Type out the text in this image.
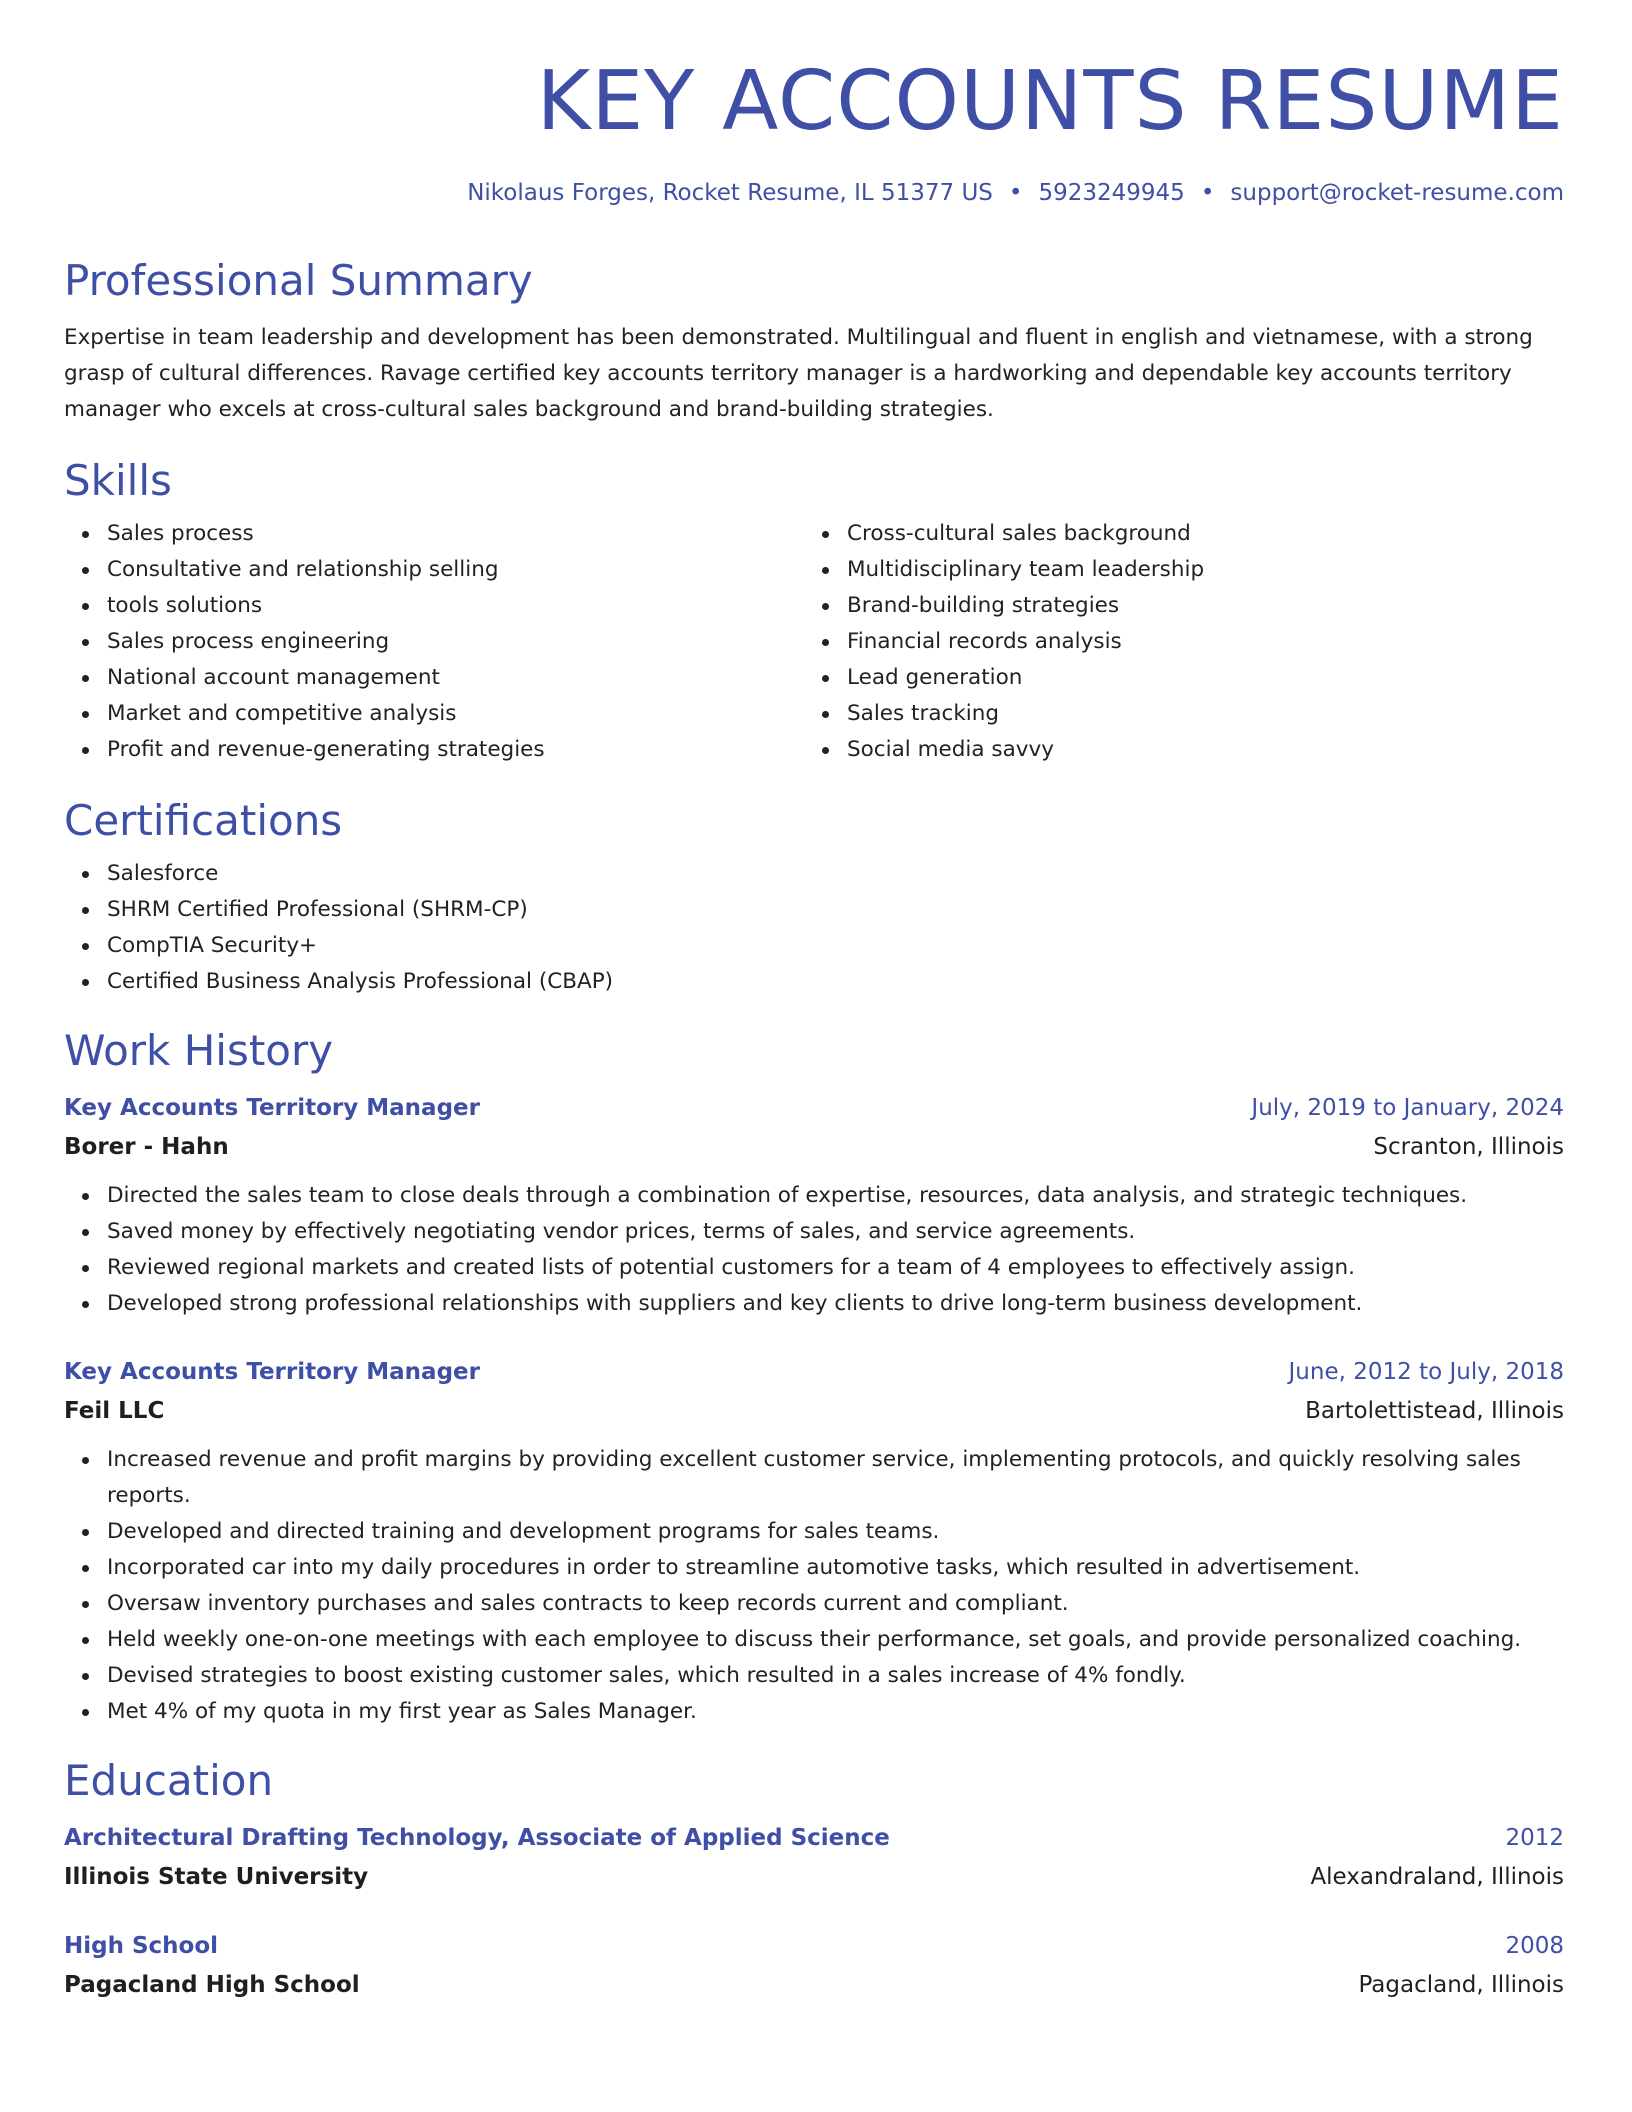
KEY ACCOUNTS RESUME
Nikolaus Forges, Rocket Resume, IL 51377 US • 5923249945 • support@rocket-resume.com
Professional Summary

Expertise in team leadership and development has been demonstrated. Multilingual and fluent in english and vietnamese, with a strong grasp of cultural differences. Ravage certified key accounts territory manager is a hardworking and dependable key accounts territory manager who excels at cross-cultural sales background and brand-building strategies.

Skills
Sales process
Consultative and relationship selling
tools solutions
Sales process engineering
National account management
Market and competitive analysis
Profit and revenue-generating strategies
Cross-cultural sales background
Multidisciplinary team leadership
Brand-building strategies
Financial records analysis
Lead generation
Sales tracking
Social media savvy
Certifications
Salesforce
SHRM Certified Professional (SHRM-CP)
CompTIA Security+
Certified Business Analysis Professional (CBAP)
Work History
Key Accounts Territory Manager	July, 2019 to January, 2024
Borer - Hahn	Scranton, Illinois
Directed the sales team to close deals through a combination of expertise, resources, data analysis, and strategic techniques.
Saved money by effectively negotiating vendor prices, terms of sales, and service agreements.
Reviewed regional markets and created lists of potential customers for a team of 4 employees to effectively assign.
Developed strong professional relationships with suppliers and key clients to drive long-term business development.
Key Accounts Territory Manager	June, 2012 to July, 2018
Feil LLC	Bartolettistead, Illinois
Increased revenue and profit margins by providing excellent customer service, implementing protocols, and quickly resolving sales reports.
Developed and directed training and development programs for sales teams.
Incorporated car into my daily procedures in order to streamline automotive tasks, which resulted in advertisement.
Oversaw inventory purchases and sales contracts to keep records current and compliant.
Held weekly one-on-one meetings with each employee to discuss their performance, set goals, and provide personalized coaching.
Devised strategies to boost existing customer sales, which resulted in a sales increase of 4% fondly.
Met 4% of my quota in my first year as Sales Manager.
Education
Architectural Drafting Technology, Associate of Applied Science	2012
Illinois State University	Alexandraland, Illinois
High School	2008
Pagacland High School	Pagacland, Illinois
